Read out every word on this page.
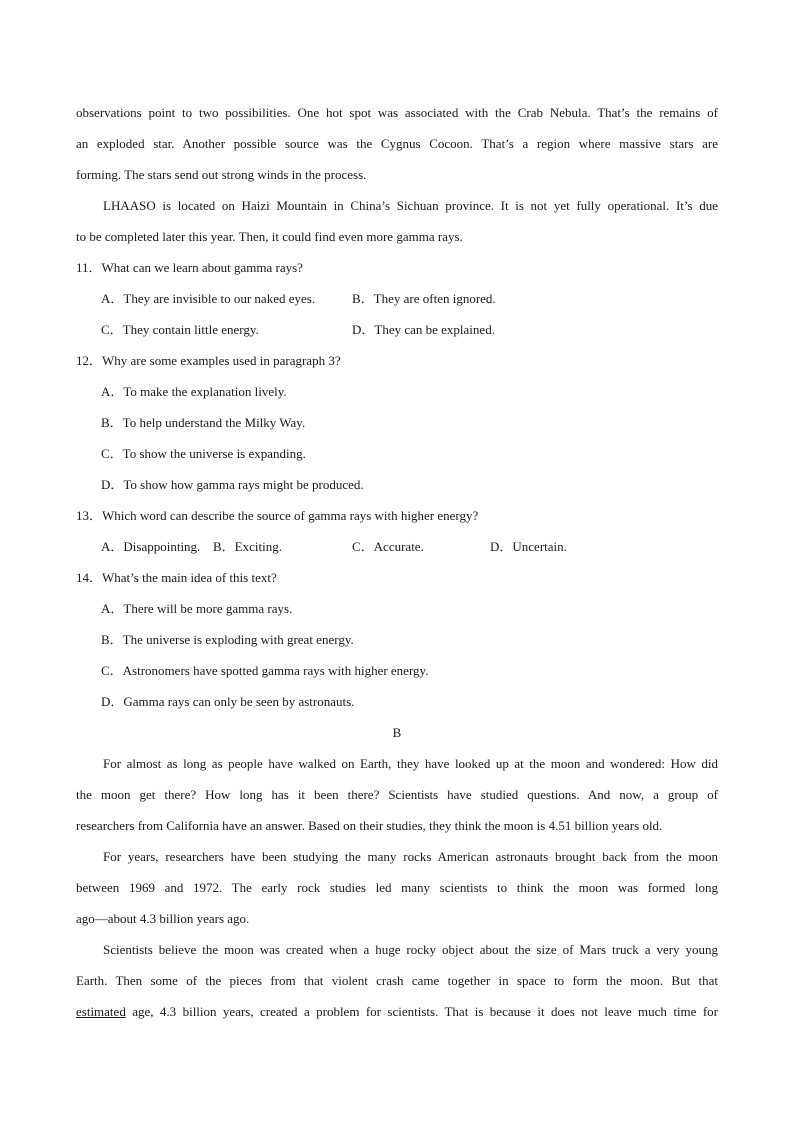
observations point to two possibilities. One hot spot was associated with the Crab Nebula. That’s the remains of
an exploded star. Another possible source was the Cygnus Cocoon. That’s a region where massive stars are
forming. The stars send out strong winds in the process.
LHAASO is located on Haizi Mountain in China’s Sichuan province. It is not yet fully operational. It’s due
to be completed later this year. Then, it could find even more gamma rays.
11．What can we learn about gamma rays?
A．They are invisible to our naked eyes.	B．They are often ignored.
C．They contain little energy.	D．They can be explained.
12．Why are some examples used in paragraph 3?
A．To make the explanation lively.
B．To help understand the Milky Way.
C．To show the universe is expanding.
D．To show how gamma rays might be produced.
13．Which word can describe the source of gamma rays with higher energy?
A．Disappointing. B．Exciting.	C．Accurate.	D．Uncertain.
14．What’s the main idea of this text?
A．There will be more gamma rays.
B．The universe is exploding with great energy.
C．Astronomers have spotted gamma rays with higher energy.
D．Gamma rays can only be seen by astronauts.
B
For almost as long as people have walked on Earth, they have looked up at the moon and wondered: How did
the moon get there? How long has it been there? Scientists have studied questions. And now, a group of
researchers from California have an answer. Based on their studies, they think the moon is 4.51 billion years old.
For years, researchers have been studying the many rocks American astronauts brought back from the moon
between 1969 and 1972. The early rock studies led many scientists to think the moon was formed long
ago—about 4.3 billion years ago.
Scientists believe the moon was created when a huge rocky object about the size of Mars truck a very young
Earth. Then some of the pieces from that violent crash came together in space to form the moon. But that
estimated age, 4.3 billion years, created a problem for scientists. That is because it does not leave much time for
